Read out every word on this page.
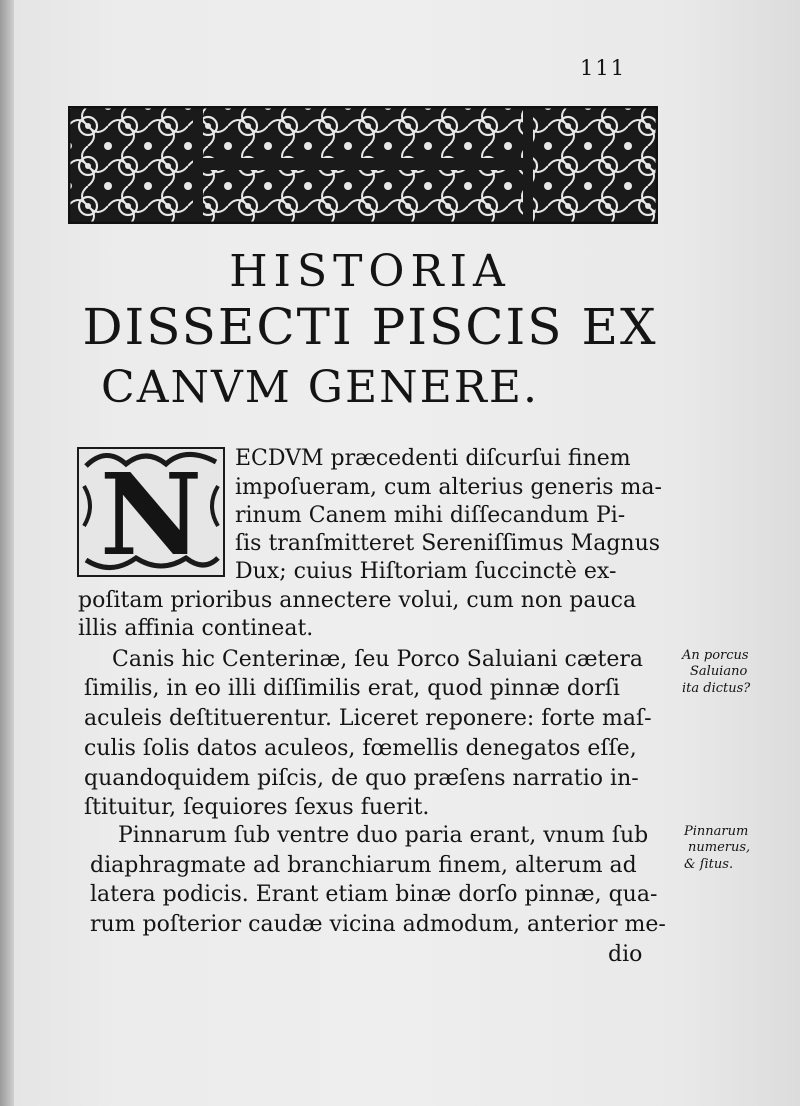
111
HISTORIA
DISSECTI PISCIS EX
CANVM GENERE.
N ECDVM præcedenti diſcurſui finem
impoſueram, cum alterius generis ma-
rinum Canem mihi diſſecandum Pi-
ſis tranſmitteret Sereniſſimus Magnus
Dux; cuius Hiſtoriam ſuccinctè ex-
poſitam prioribus annectere volui, cum non pauca
illis affinia contineat.
Canis hic Centerinæ, ſeu Porco Saluiani cætera
ſimilis, in eo illi diſſimilis erat, quod pinnæ dorſi
aculeis deſtituerentur. Liceret reponere: forte maſ-
culis ſolis datos aculeos, fœmellis denegatos eſſe,
quandoquidem piſcis, de quo præſens narratio in-
ſtituitur, ſequiores ſexus fuerit.
Pinnarum ſub ventre duo paria erant, vnum ſub
diaphragmate ad branchiarum finem, alterum ad
latera podicis. Erant etiam binæ dorſo pinnæ, qua-
rum poſterior caudæ vicina admodum, anterior me-
dio
An porcus
Saluiano
ita dictus?
Pinnarum
numerus,
& ſitus.
